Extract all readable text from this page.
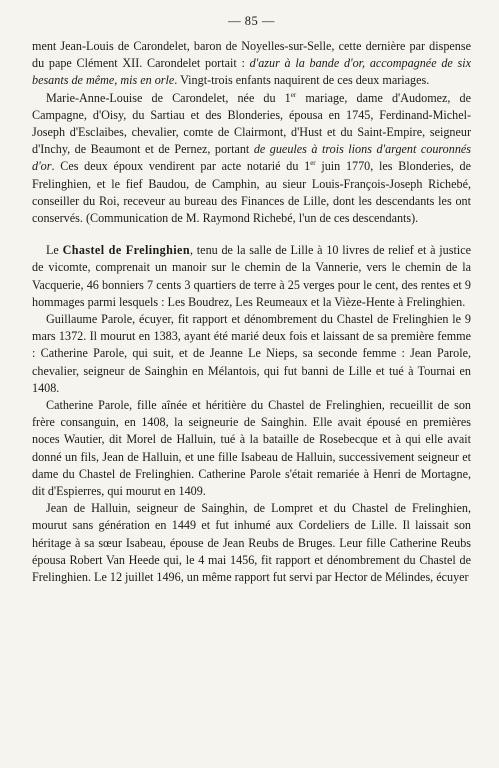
— 85 —

ment Jean-Louis de Carondelet, baron de Noyelles-sur-Selle, cette dernière par dispense du pape Clément XII. Carondelet portait : d'azur à la bande d'or, accompagnée de six besants de même, mis en orle. Vingt-trois enfants naquirent de ces deux mariages.

Marie-Anne-Louise de Carondelet, née du 1er mariage, dame d'Audomez, de Campagne, d'Oisy, du Sartiau et des Blonderies, épousa en 1745, Ferdinand-Michel-Joseph d'Esclaibes, chevalier, comte de Clairmont, d'Hust et du Saint-Empire, seigneur d'Inchy, de Beaumont et de Pernez, portant de gueules à trois lions d'argent couronnés d'or. Ces deux époux vendirent par acte notarié du 1er juin 1770, les Blonderies, de Frelinghien, et le fief Baudou, de Camphin, au sieur Louis-François-Joseph Richebé, conseiller du Roi, receveur au bureau des Finances de Lille, dont les descendants les ont conservés. (Communication de M. Raymond Richebé, l'un de ces descendants).

Le Chastel de Frelinghien, tenu de la salle de Lille à 10 livres de relief et à justice de vicomte, comprenait un manoir sur le chemin de la Vannerie, vers le chemin de la Vacquerie, 46 bonniers 7 cents 3 quartiers de terre à 25 verges pour le cent, des rentes et 9 hommages parmi lesquels : Les Boudrez, Les Reumeaux et la Vièze-Hente à Frelinghien.

Guillaume Parole, écuyer, fit rapport et dénombrement du Chastel de Frelinghien le 9 mars 1372. Il mourut en 1383, ayant été marié deux fois et laissant de sa première femme : Catherine Parole, qui suit, et de Jeanne Le Nieps, sa seconde femme : Jean Parole, chevalier, seigneur de Sainghin en Mélantois, qui fut banni de Lille et tué à Tournai en 1408.

Catherine Parole, fille aînée et héritière du Chastel de Frelinghien, recueillit de son frère consanguin, en 1408, la seigneurie de Sainghin. Elle avait épousé en premières noces Wautier, dit Morel de Halluin, tué à la bataille de Rosebecque et à qui elle avait donné un fils, Jean de Halluin, et une fille Isabeau de Halluin, successivement seigneur et dame du Chastel de Frelinghien. Catherine Parole s'était remariée à Henri de Mortagne, dit d'Espierres, qui mourut en 1409.

Jean de Halluin, seigneur de Sainghin, de Lompret et du Chastel de Frelinghien, mourut sans génération en 1449 et fut inhumé aux Cordeliers de Lille. Il laissait son héritage à sa sœur Isabeau, épouse de Jean Reubs de Bruges. Leur fille Catherine Reubs épousa Robert Van Heede qui, le 4 mai 1456, fit rapport et dénombrement du Chastel de Frelinghien. Le 12 juillet 1496, un même rapport fut servi par Hector de Mélindes, écuyer
